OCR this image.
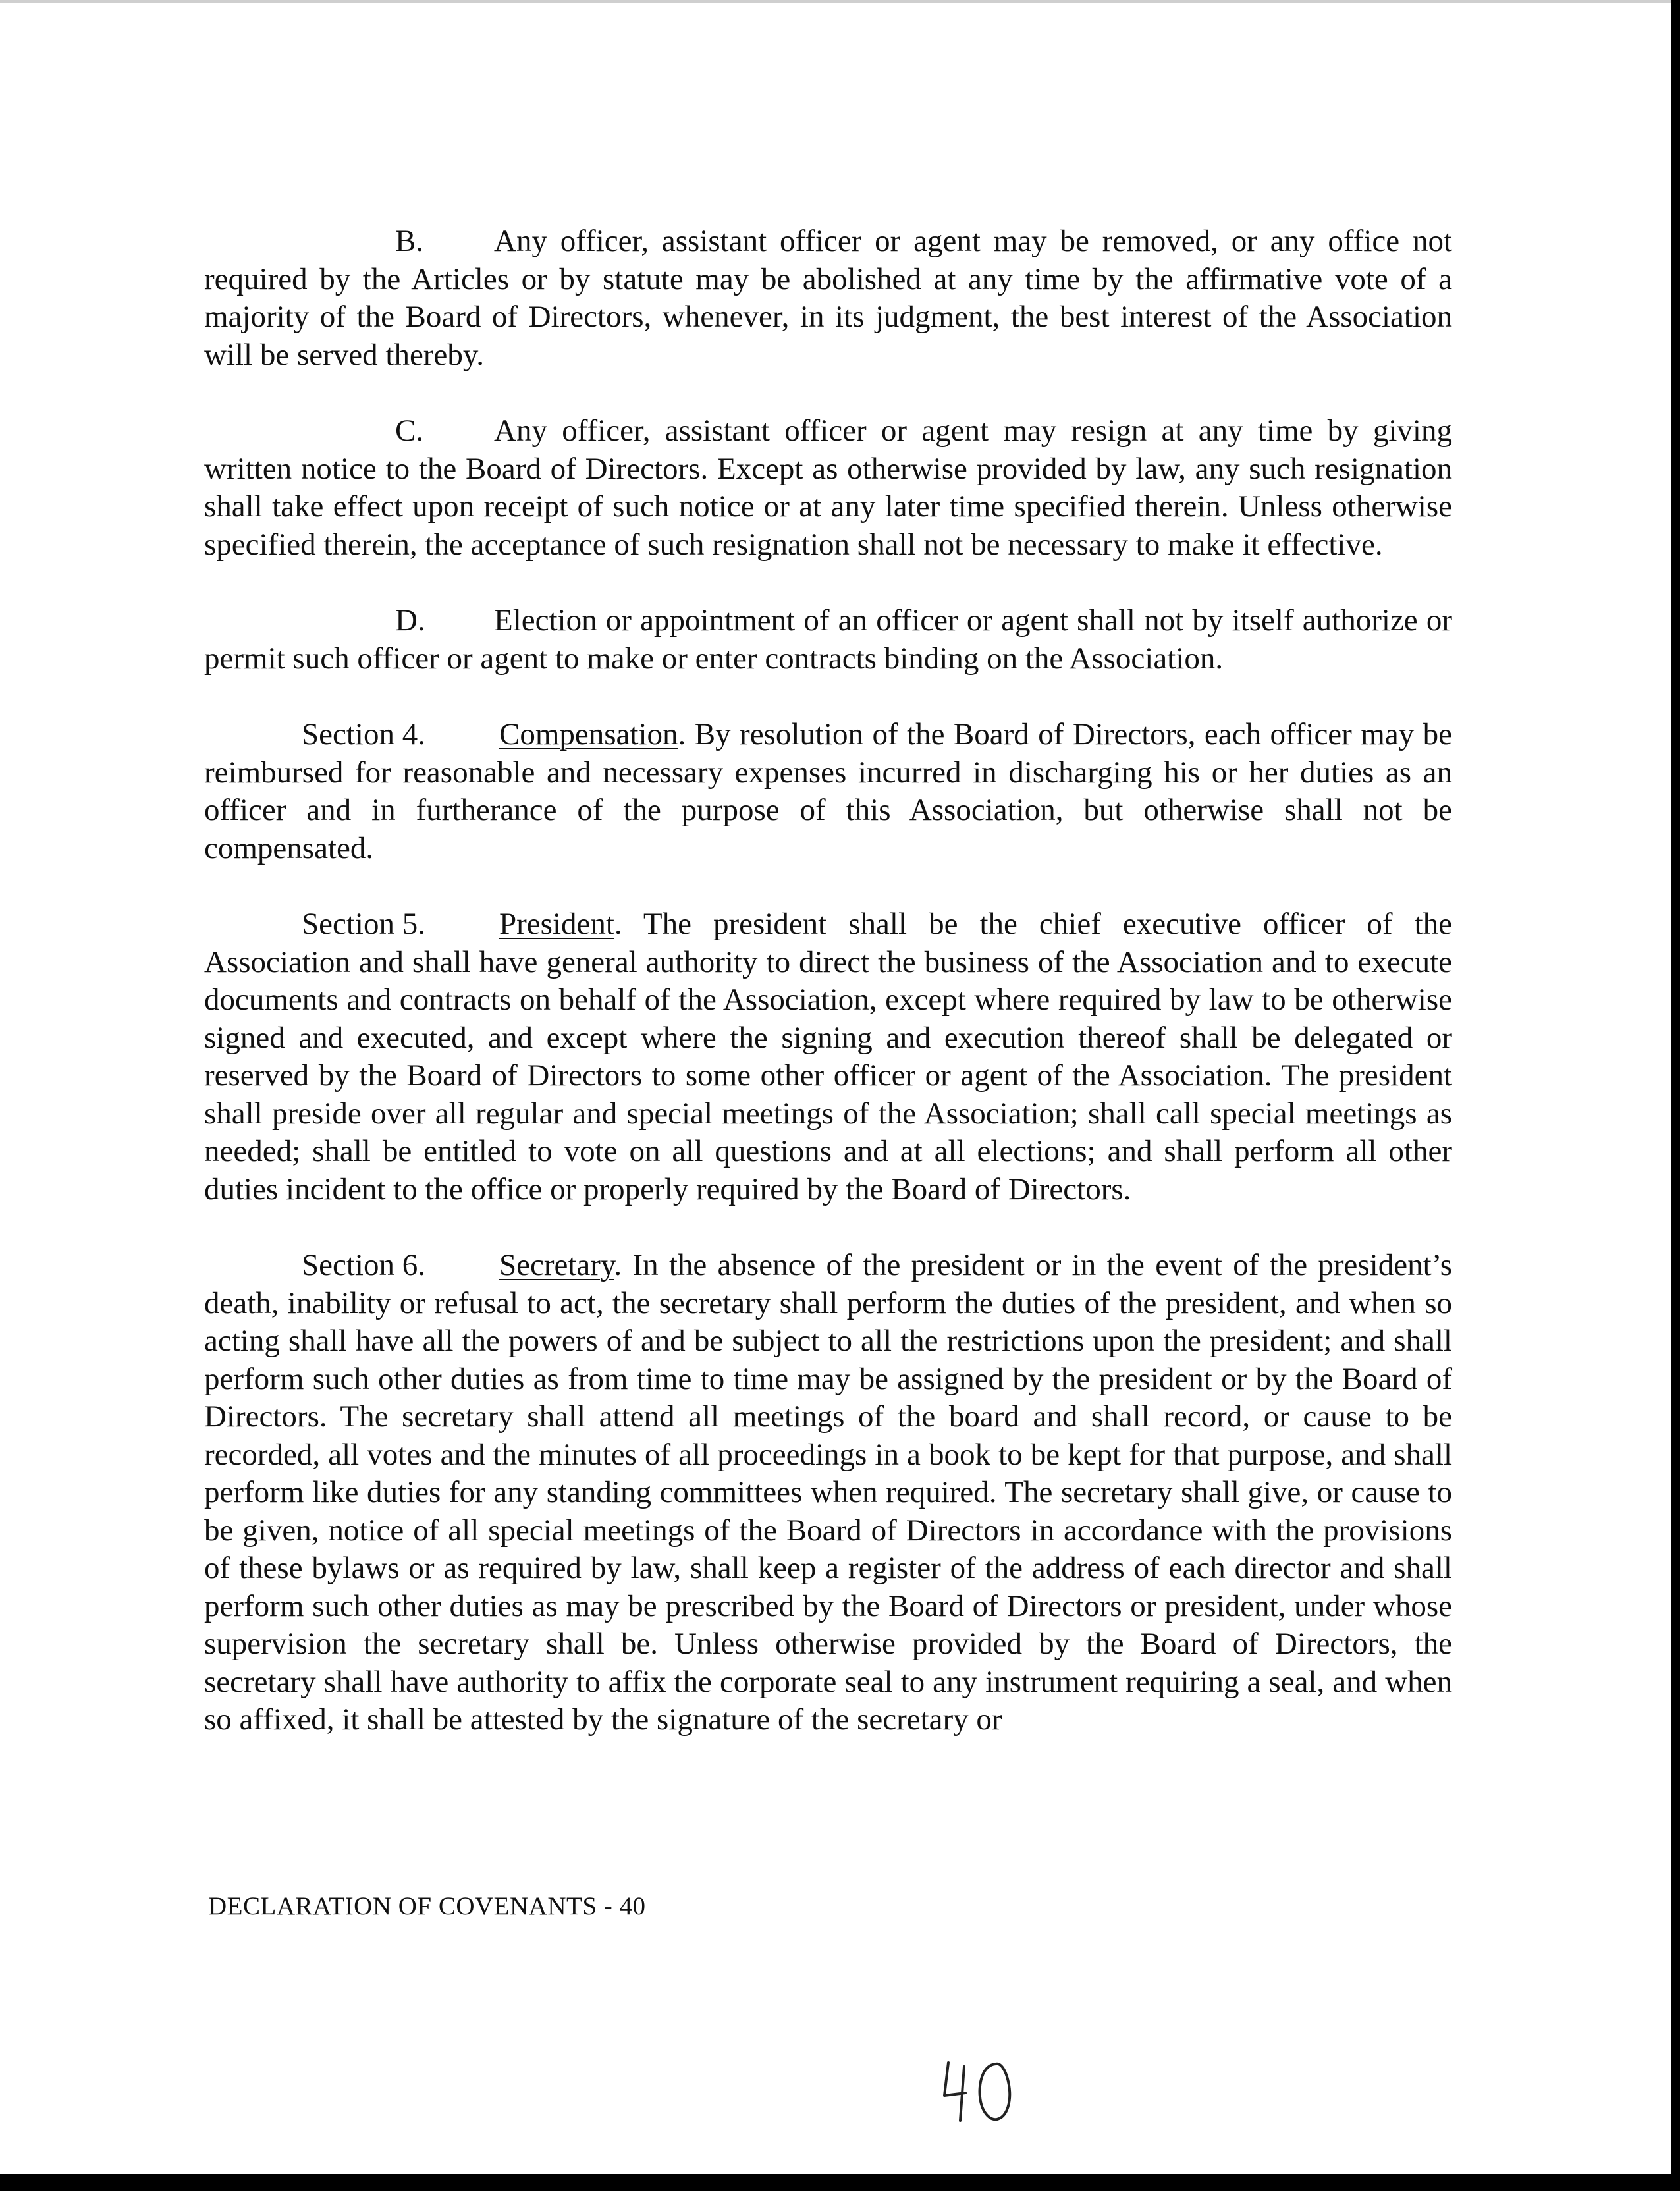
B. Any officer, assistant officer or agent may be removed, or any office not required by the Articles or by statute may be abolished at any time by the affirmative vote of a majority of the Board of Directors, whenever, in its judgment, the best interest of the Association will be served thereby.

C. Any officer, assistant officer or agent may resign at any time by giving written notice to the Board of Directors. Except as otherwise provided by law, any such resignation shall take effect upon receipt of such notice or at any later time specified therein. Unless otherwise specified therein, the acceptance of such resignation shall not be necessary to make it effective.

D. Election or appointment of an officer or agent shall not by itself authorize or permit such officer or agent to make or enter contracts binding on the Association.

Section 4. Compensation. By resolution of the Board of Directors, each officer may be reimbursed for reasonable and necessary expenses incurred in discharging his or her duties as an officer and in furtherance of the purpose of this Association, but otherwise shall not be compensated.

Section 5. President. The president shall be the chief executive officer of the Association and shall have general authority to direct the business of the Association and to execute documents and contracts on behalf of the Association, except where required by law to be otherwise signed and executed, and except where the signing and execution thereof shall be delegated or reserved by the Board of Directors to some other officer or agent of the Association. The president shall preside over all regular and special meetings of the Association; shall call special meetings as needed; shall be entitled to vote on all questions and at all elections; and shall perform all other duties incident to the office or properly required by the Board of Directors.

Section 6. Secretary. In the absence of the president or in the event of the president’s death, inability or refusal to act, the secretary shall perform the duties of the president, and when so acting shall have all the powers of and be subject to all the restrictions upon the president; and shall perform such other duties as from time to time may be assigned by the president or by the Board of Directors. The secretary shall attend all meetings of the board and shall record, or cause to be recorded, all votes and the minutes of all proceedings in a book to be kept for that purpose, and shall perform like duties for any standing committees when required. The secretary shall give, or cause to be given, notice of all special meetings of the Board of Directors in accordance with the provisions of these bylaws or as required by law, shall keep a register of the address of each director and shall perform such other duties as may be prescribed by the Board of Directors or president, under whose supervision the secretary shall be. Unless otherwise provided by the Board of Directors, the secretary shall have authority to affix the corporate seal to any instrument requiring a seal, and when so affixed, it shall be attested by the signature of the secretary or

DECLARATION OF COVENANTS - 40
